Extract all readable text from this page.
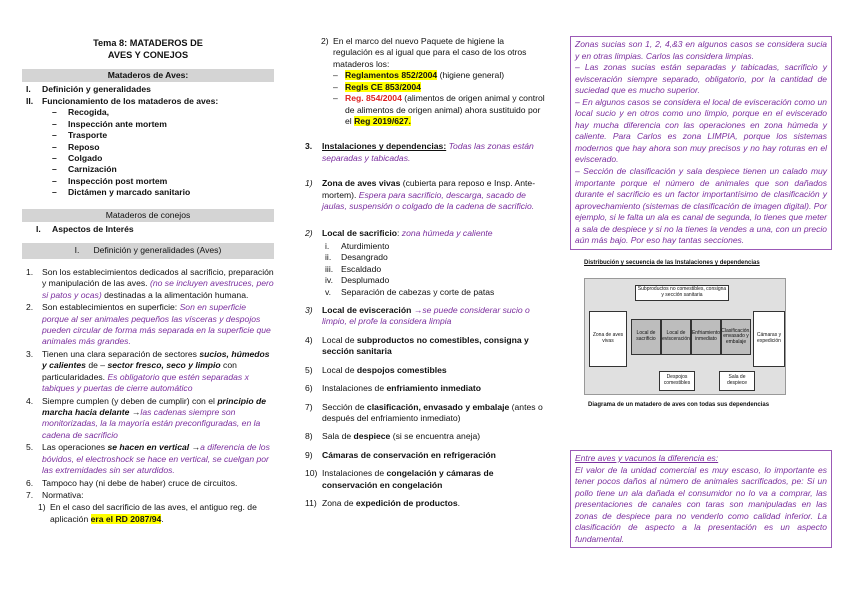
Tema 8: MATADEROS DE
AVES Y CONEJOS
Mataderos de Aves:
I. Definición y generalidades
II. Funcionamiento de los mataderos de aves:
– Recogida,
– Inspección ante mortem
– Trasporte
– Reposo
– Colgado
– Carnización
– Inspección post mortem
– Dictámen y marcado sanitario
Mataderos de conejos
I. Aspectos de Interés
I. Definición y generalidades (Aves)
1. Son los establecimientos dedicados al sacrificio, preparación y manipulación de las aves. (no se incluyen avestruces, pero si patos y ocas) destinadas a la alimentación humana.
2. Son establecimientos en superficie: Son en superficie porque al ser animales pequeños las vísceras y despojos pueden circular de forma más separada en la superficie que animales más grandes.
3. Tienen una clara separación de sectores sucios, húmedos y calientes de – sector fresco, seco y limpio con particularidades. Es obligatorio que estén separadas x tabiques y puertas de cierre automático
4. Siempre cumplen (y deben de cumplir) con el principio de marcha hacia delante →las cadenas siempre son monitorizadas, la la mayoría están preconfiguradas, en la cadena de sacrificio
5. Las operaciones se hacen en vertical →a diferencia de los bóvidos, el electroshock se hace en vertical, se cuelgan por las extremidades sin ser aturdidos.
6. Tampoco hay (ni debe de haber) cruce de circuitos.
7. Normativa:
1) En el caso del sacrificio de las aves, el antiguo reg. de aplicación era el RD 2087/94.
2) En el marco del nuevo Paquete de higiene la regulación es al igual que para el caso de los otros mataderos los:
– Reglamentos 852/2004 (higiene general)
– Regls CE 853/2004
– Reg. 854/2004 (alimentos de origen animal y control de alimentos de origen animal) ahora sustituido por el Reg 2019/627.
3.	Instalaciones y dependencias: Todas las zonas están separadas y tabicadas.
1)	Zona de aves vivas (cubierta para reposo e Insp. Ante-mortem). Espera para sacrificio, descarga, sacado de jaulas, suspensión o colgado de la cadena de sacrificio.
2)	Local de sacrificio: zona húmeda y caliente
i. Aturdimiento
ii. Desangrado
iii. Escaldado
iv. Desplumado
v. Separación de cabezas y corte de patas
3)	Local de evisceración →se puede considerar sucio o limpio, el profe la considera limpia
4)	Local de subproductos no comestibles, consigna y sección sanitaria
5)	Local de despojos comestibles
6)	Instalaciones de enfriamiento inmediato
7)	Sección de clasificación, envasado y embalaje (antes o después del enfriamiento inmediato)
8)	Sala de despiece (si se encuentra aneja)
9)	Cámaras de conservación en refrigeración
10) Instalaciones de congelación y cámaras de conservación en congelación
11) Zona de expedición de productos.
Zonas sucias son 1, 2, 4,&3 en algunos casos se considera sucia y en otras limpias. Carlos las considera limpias.
– Las zonas sucias están separadas y tabicadas, sacrificio y evisceración siempre separado, obligatorio, por la cantidad de suciedad que es mucho superior.
– En algunos casos se considera el local de evisceración como un local sucio y en otros como uno limpio, porque en el eviscerado hay mucha diferencia con las operaciones en zona húmeda y caliente. Para Carlos es zona LIMPIA, porque los sistemas modernos que hay ahora son muy precisos y no hay roturas en el eviscerado.
– Sección de clasificación y sala despiece tienen un calado muy importante porque el número de animales que son dañados durante el sacrificio es un factor importantísimo de clasificación y aprovechamiento (sistemas de clasificación de imagen digital). Por ejemplo, si le falta un ala es canal de segunda, lo tienes que meter a sala de despiece y si no la tienes la vendes a una, con un precio aún más bajo. Por eso hay tantas secciones.
Distribución y secuencia de las Instalaciones y dependencias
Subproductos no comestibles, consigna y sección sanitaria
Zona de aves vivas
Local de sacrificio
Local de evisceración
Enfriamiento inmediato
Clasificación, envasado y embalaje
Cámaras y expedición
Despojos comestibles
Sala de despiece
Diagrama de un matadero de aves con todas sus dependencias
Entre aves y vacunos la diferencia es:
El valor de la unidad comercial es muy escaso, lo importante es tener pocos daños al número de animales sacrificados, pe: Si un pollo tiene un ala dañada el consumidor no lo va a comprar, las presentaciones de canales con taras son manipuladas en las zonas de despiece para no venderlo como calidad inferior. La clasificación de aspecto a la presentación es un aspecto fundamental.
